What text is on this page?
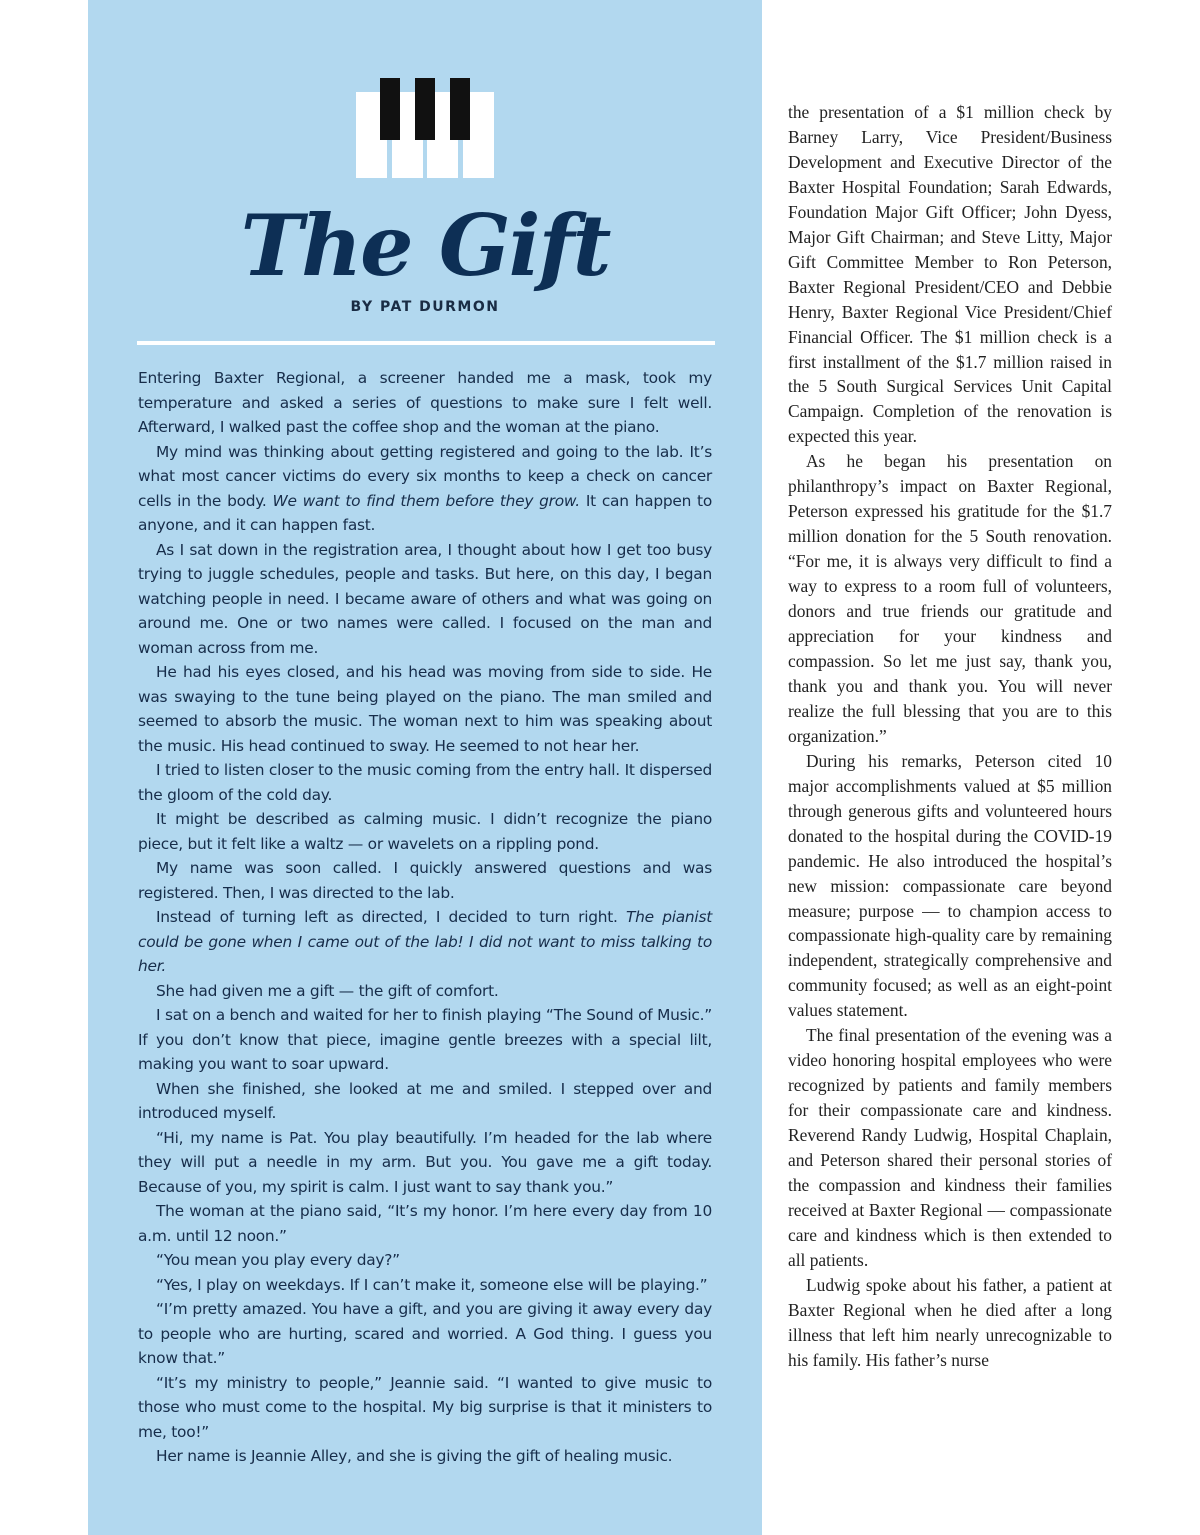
The Gift
BY PAT DURMON

Entering Baxter Regional, a screener handed me a mask, took my temperature and asked a series of questions to make sure I felt well. Afterward, I walked past the coffee shop and the woman at the piano.

My mind was thinking about getting registered and going to the lab. It’s what most cancer victims do every six months to keep a check on cancer cells in the body. We want to find them before they grow. It can happen to anyone, and it can happen fast.

As I sat down in the registration area, I thought about how I get too busy trying to juggle schedules, people and tasks. But here, on this day, I began watching people in need. I became aware of others and what was going on around me. One or two names were called. I focused on the man and woman across from me.

He had his eyes closed, and his head was moving from side to side. He was swaying to the tune being played on the piano. The man smiled and seemed to absorb the music. The woman next to him was speaking about the music. His head continued to sway. He seemed to not hear her.

I tried to listen closer to the music coming from the entry hall. It dispersed the gloom of the cold day.

It might be described as calming music. I didn’t recognize the piano piece, but it felt like a waltz — or wavelets on a rippling pond.

My name was soon called. I quickly answered questions and was registered. Then, I was directed to the lab.

Instead of turning left as directed, I decided to turn right. The pianist could be gone when I came out of the lab! I did not want to miss talking to her.

She had given me a gift — the gift of comfort.

I sat on a bench and waited for her to finish playing “The Sound of Music.” If you don’t know that piece, imagine gentle breezes with a special lilt, making you want to soar upward.

When she finished, she looked at me and smiled. I stepped over and introduced myself.

“Hi, my name is Pat. You play beautifully. I’m headed for the lab where they will put a needle in my arm. But you. You gave me a gift today. Because of you, my spirit is calm. I just want to say thank you.”

The woman at the piano said, “It’s my honor. I’m here every day from 10 a.m. until 12 noon.”

“You mean you play every day?”

“Yes, I play on weekdays. If I can’t make it, someone else will be playing.”

“I’m pretty amazed. You have a gift, and you are giving it away every day to people who are hurting, scared and worried. A God thing. I guess you know that.”

“It’s my ministry to people,” Jeannie said. “I wanted to give music to those who must come to the hospital. My big surprise is that it ministers to me, too!”

Her name is Jeannie Alley, and she is giving the gift of healing music.

the presentation of a $1 million check by Barney Larry, Vice President/Business Development and Executive Director of the Baxter Hospital Foundation; Sarah Edwards, Foundation Major Gift Officer; John Dyess, Major Gift Chairman; and Steve Litty, Major Gift Committee Member to Ron Peterson, Baxter Regional President/CEO and Debbie Henry, Baxter Regional Vice President/Chief Financial Officer. The $1 million check is a first installment of the $1.7 million raised in the 5 South Surgical Services Unit Capital Campaign. Completion of the renovation is expected this year.

As he began his presentation on philanthropy’s impact on Baxter Regional, Peterson expressed his gratitude for the $1.7 million donation for the 5 South renovation. “For me, it is always very difficult to find a way to express to a room full of volunteers, donors and true friends our gratitude and appreciation for your kindness and compassion. So let me just say, thank you, thank you and thank you. You will never realize the full blessing that you are to this organization.”

During his remarks, Peterson cited 10 major accomplishments valued at $5 million through generous gifts and volunteered hours donated to the hospital during the COVID-19 pandemic. He also introduced the hospital’s new mission: compassionate care beyond measure; purpose — to champion access to compassionate high-quality care by remaining independent, strategically comprehensive and community focused; as well as an eight-point values statement.

The final presentation of the evening was a video honoring hospital employees who were recognized by patients and family members for their compassionate care and kindness. Reverend Randy Ludwig, Hospital Chaplain, and Peterson shared their personal stories of the compassion and kindness their families received at Baxter Regional — compassionate care and kindness which is then extended to all patients.

Ludwig spoke about his father, a patient at Baxter Regional when he died after a long illness that left him nearly unrecognizable to his family. His father’s nurse
